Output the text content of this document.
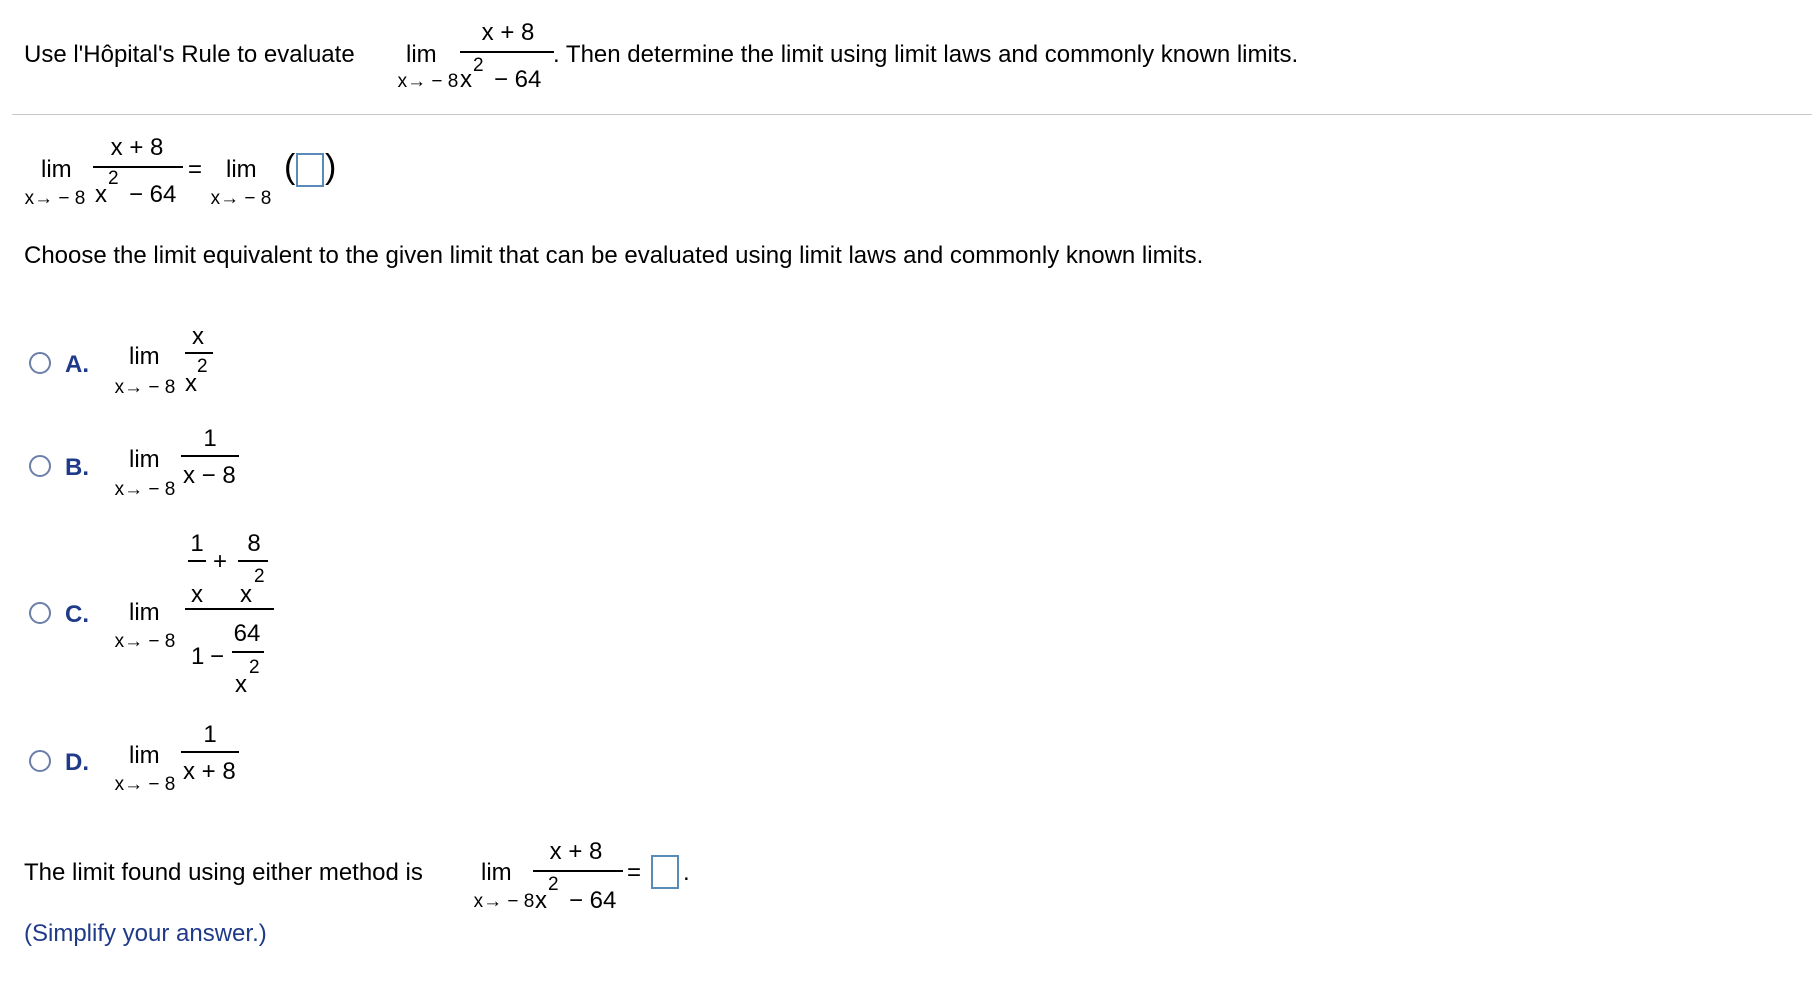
Use l'Hôpital's Rule to evaluate lim
x→ − 8
x + 8
2
x − 64
. Then determine the limit using limit laws and commonly known limits.
lim
x→ − 8
x + 8
2
x − 64
= lim
x→ − 8
( )
Choose the limit equivalent to the given limit that can be evaluated using limit laws and commonly known limits.
A. lim
x→ − 8
x
2
x
B. lim
x→ − 8
1
x − 8
C. lim
x→ − 8
1
x
+
8
2
x
1 −
64
2
x
D. lim
x→ − 8
1
x + 8
The limit found using either method is lim
x→ − 8
x + 8
2
x − 64
= .
(Simplify your answer.)
